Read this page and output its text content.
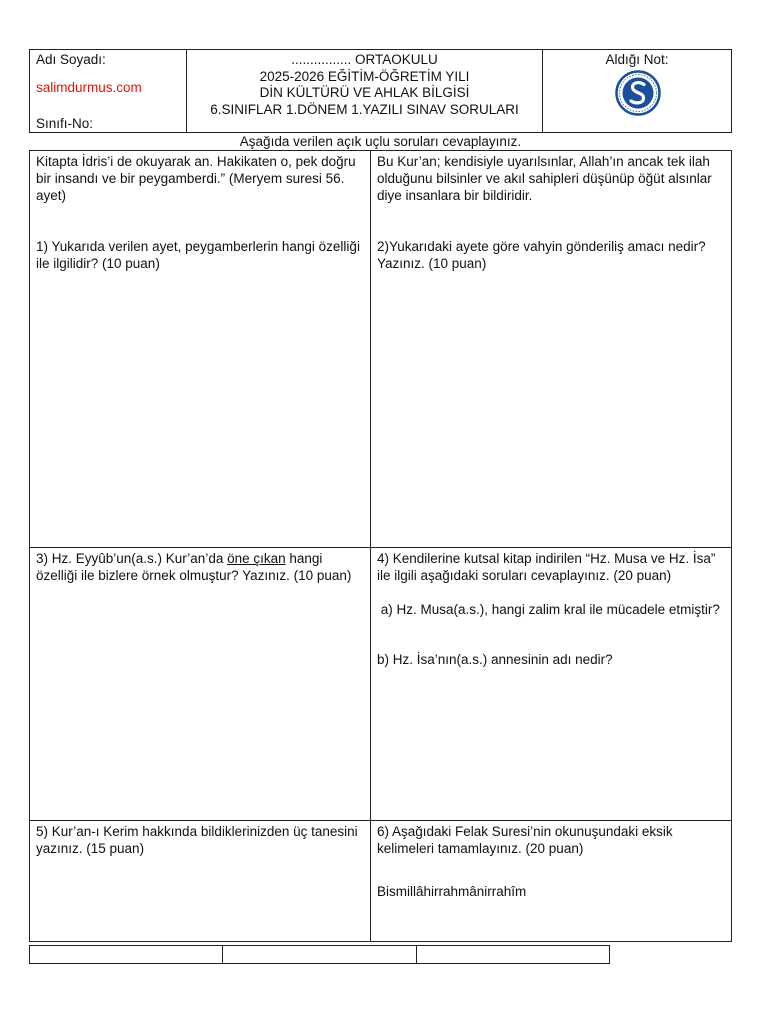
Adı Soyadı:
salimdurmus.com
Sınıfı-No:
................ ORTAOKULU
2025-2026 EĞİTİM-ÖĞRETİM YILI
DİN KÜLTÜRÜ VE AHLAK BİLGİSİ
6.SINIFLAR 1.DÖNEM 1.YAZILI SINAV SORULARI
Aldığı Not:
Aşağıda verilen açık uçlu soruları cevaplayınız.

Kitapta İdris’i de okuyarak an. Hakikaten o, pek doğru bir insandı ve bir peygamberdi.” (Meryem suresi 56. ayet)

1) Yukarıda verilen ayet, peygamberlerin hangi özelliği ile ilgilidir? (10 puan)

Bu Kur’an; kendisiyle uyarılsınlar, Allah’ın ancak tek ilah olduğunu bilsinler ve akıl sahipleri düşünüp öğüt alsınlar diye insanlara bir bildiridir.

2)Yukarıdaki ayete göre vahyin gönderiliş amacı nedir? Yazınız. (10 puan)

3) Hz. Eyyûb’un(a.s.) Kur’an’da öne çıkan hangi özelliği ile bizlere örnek olmuştur? Yazınız. (10 puan)

4) Kendilerine kutsal kitap indirilen “Hz. Musa ve Hz. İsa” ile ilgili aşağıdaki soruları cevaplayınız. (20 puan)

a) Hz. Musa(a.s.), hangi zalim kral ile mücadele etmiştir?

b) Hz. İsa’nın(a.s.) annesinin adı nedir?

5) Kur’an-ı Kerim hakkında bildiklerinizden üç tanesini yazınız. (15 puan)

6) Aşağıdaki Felak Suresi’nin okunuşundaki eksik kelimeleri tamamlayınız. (20 puan)

Bismillâhirrahmânirrahîm
